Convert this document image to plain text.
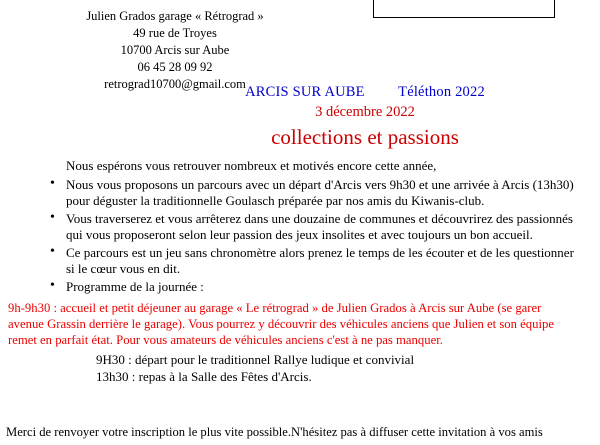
Julien Grados garage « Rétrograd »
49 rue de Troyes
10700 Arcis sur Aube
06 45 28 09 92
retrograd10700@gmail.com ARCIS SUR AUBE Téléthon 2022
3 décembre 2022
collections et passions

Nous espérons vous retrouver nombreux et motivés encore cette année,

• Nous vous proposons un parcours avec un départ d'Arcis vers 9h30 et une arrivée à Arcis (13h30) pour déguster la traditionnelle Goulasch préparée par nos amis du Kiwanis-club.
• Vous traverserez et vous arrêterez dans une douzaine de communes et découvrirez des passionnés qui vous proposeront selon leur passion des jeux insolites et avec toujours un bon accueil.
• Ce parcours est un jeu sans chronomètre alors prenez le temps de les écouter et de les questionner si le cœur vous en dit.
• Programme de la journée :

9h-9h30 : accueil et petit déjeuner au garage « Le rétrograd » de Julien Grados à Arcis sur Aube (se garer avenue Grassin derrière le garage). Vous pourrez y découvrir des véhicules anciens que Julien et son équipe remet en parfait état. Pour vous amateurs de véhicules anciens c'est à ne pas manquer.

9H30 : départ pour le traditionnel Rallye ludique et convivial
13h30 : repas à la Salle des Fêtes d'Arcis.
Merci de renvoyer votre inscription le plus vite possible.N'hésitez pas à diffuser cette invitation à vos amis
